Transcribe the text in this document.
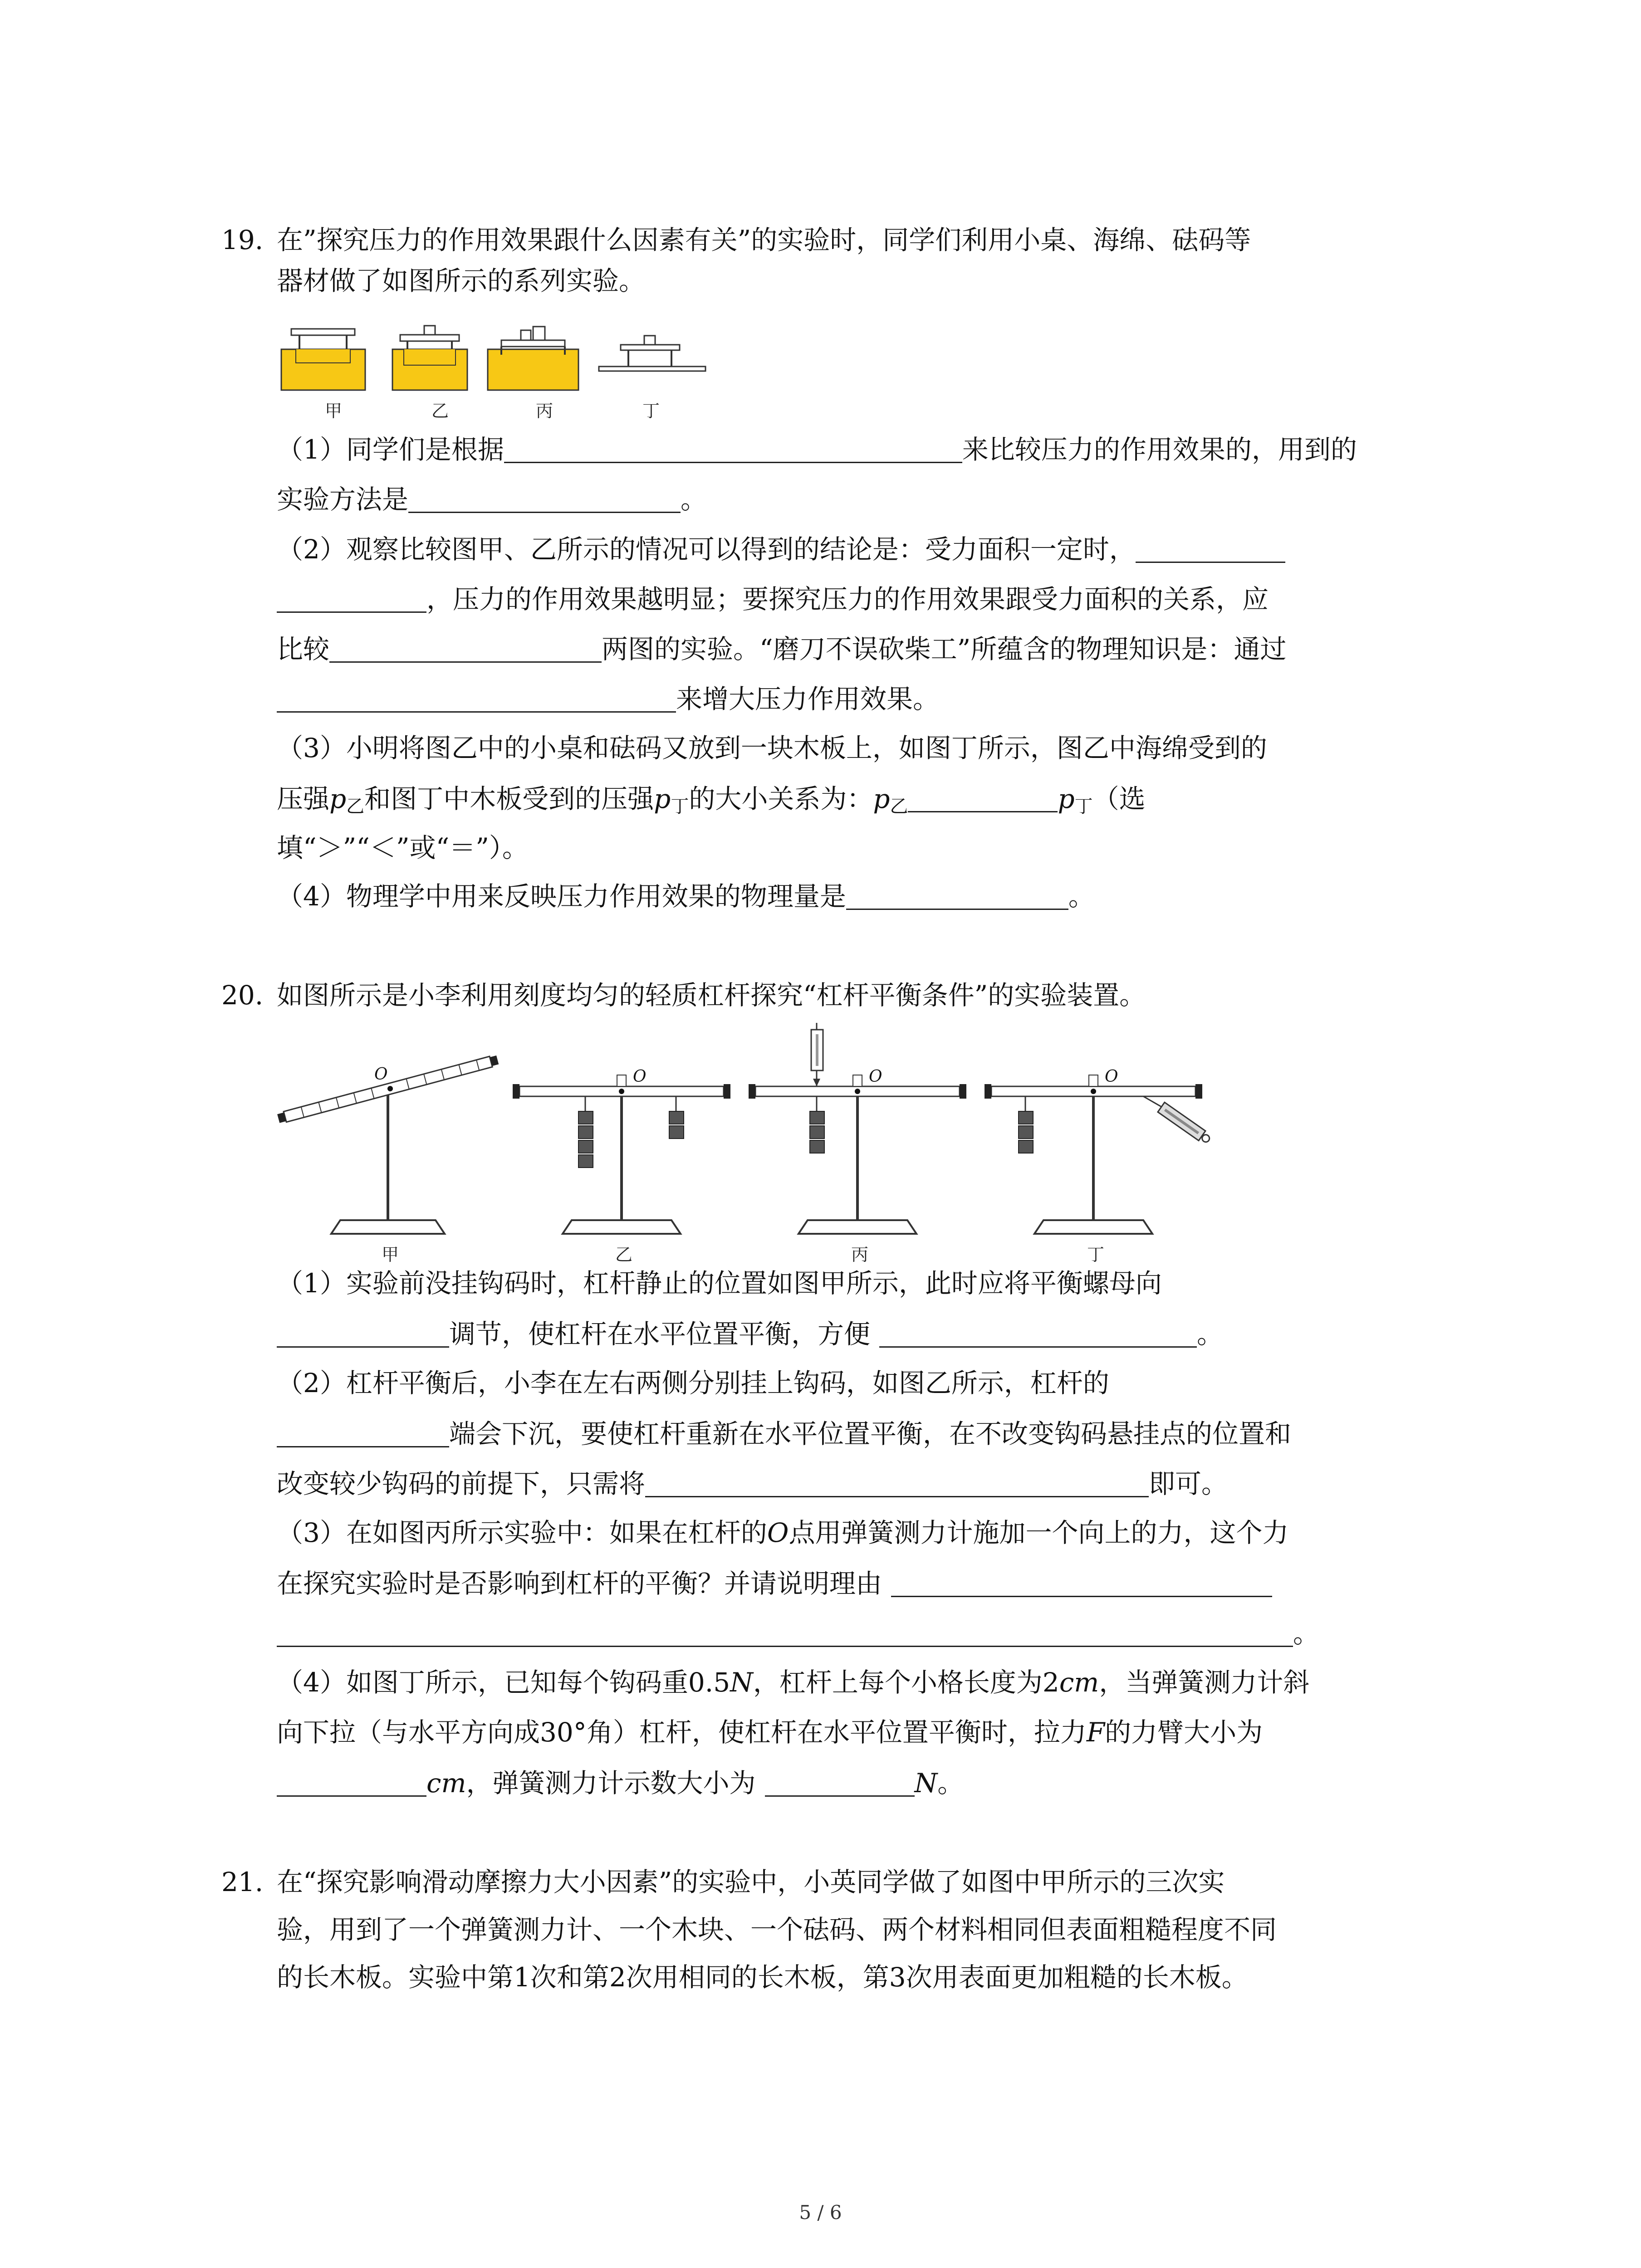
19. 在”探究压力的作用效果跟什么因素有关”的实验时，同学们利用小桌、海绵、砝码等
器材做了如图所示的系列实验。
甲	乙	丙	丁
（1）同学们是根据	来比较压力的作用效果的，用到的
实验方法是	。
（2）观察比较图甲、乙所示的情况可以得到的结论是：受力面积一定时，
，压力的作用效果越明显；要探究压力的作用效果跟受力面积的关系，应
比较	两图的实验。“磨刀不误砍柴工”所蕴含的物理知识是：通过
来增大压力作用效果。
（3）小明将图乙中的小桌和砝码又放到一块木板上，如图丁所示，图乙中海绵受到的
压强$p_乙$和图丁中木板受到的压强$p_丁$的大小关系为：$p_乙$	$p_丁$（选
填“＞”“＜”或“＝”）。
（4）物理学中用来反映压力作用效果的物理量是	。
20. 如图所示是小李利用刻度均匀的轻质杠杆探究“杠杆平衡条件”的实验装置。
O	O	O	O
甲	乙	丙	丁
（1）实验前没挂钩码时，杠杆静止的位置如图甲所示，此时应将平衡螺母向
调节，使杠杆在水平位置平衡，方便	。
（2）杠杆平衡后，小李在左右两侧分别挂上钩码，如图乙所示，杠杆的
端会下沉，要使杠杆重新在水平位置平衡，在不改变钩码悬挂点的位置和
改变较少钩码的前提下，只需将	即可。
（3）在如图丙所示实验中：如果在杠杆的O点用弹簧测力计施加一个向上的力，这个力
在探究实验时是否影响到杠杆的平衡？并请说明理由
。
（4）如图丁所示，已知每个钩码重0.5N，杠杆上每个小格长度为2cm，当弹簧测力计斜
向下拉（与水平方向成30°角）杠杆，使杠杆在水平位置平衡时，拉力F的力臂大小为
cm，弹簧测力计示数大小为	N。
21. 在“探究影响滑动摩擦力大小因素”的实验中，小英同学做了如图中甲所示的三次实
验，用到了一个弹簧测力计、一个木块、一个砝码、两个材料相同但表面粗糙程度不同
的长木板。实验中第1次和第2次用相同的长木板，第3次用表面更加粗糙的长木板。
5 / 6
